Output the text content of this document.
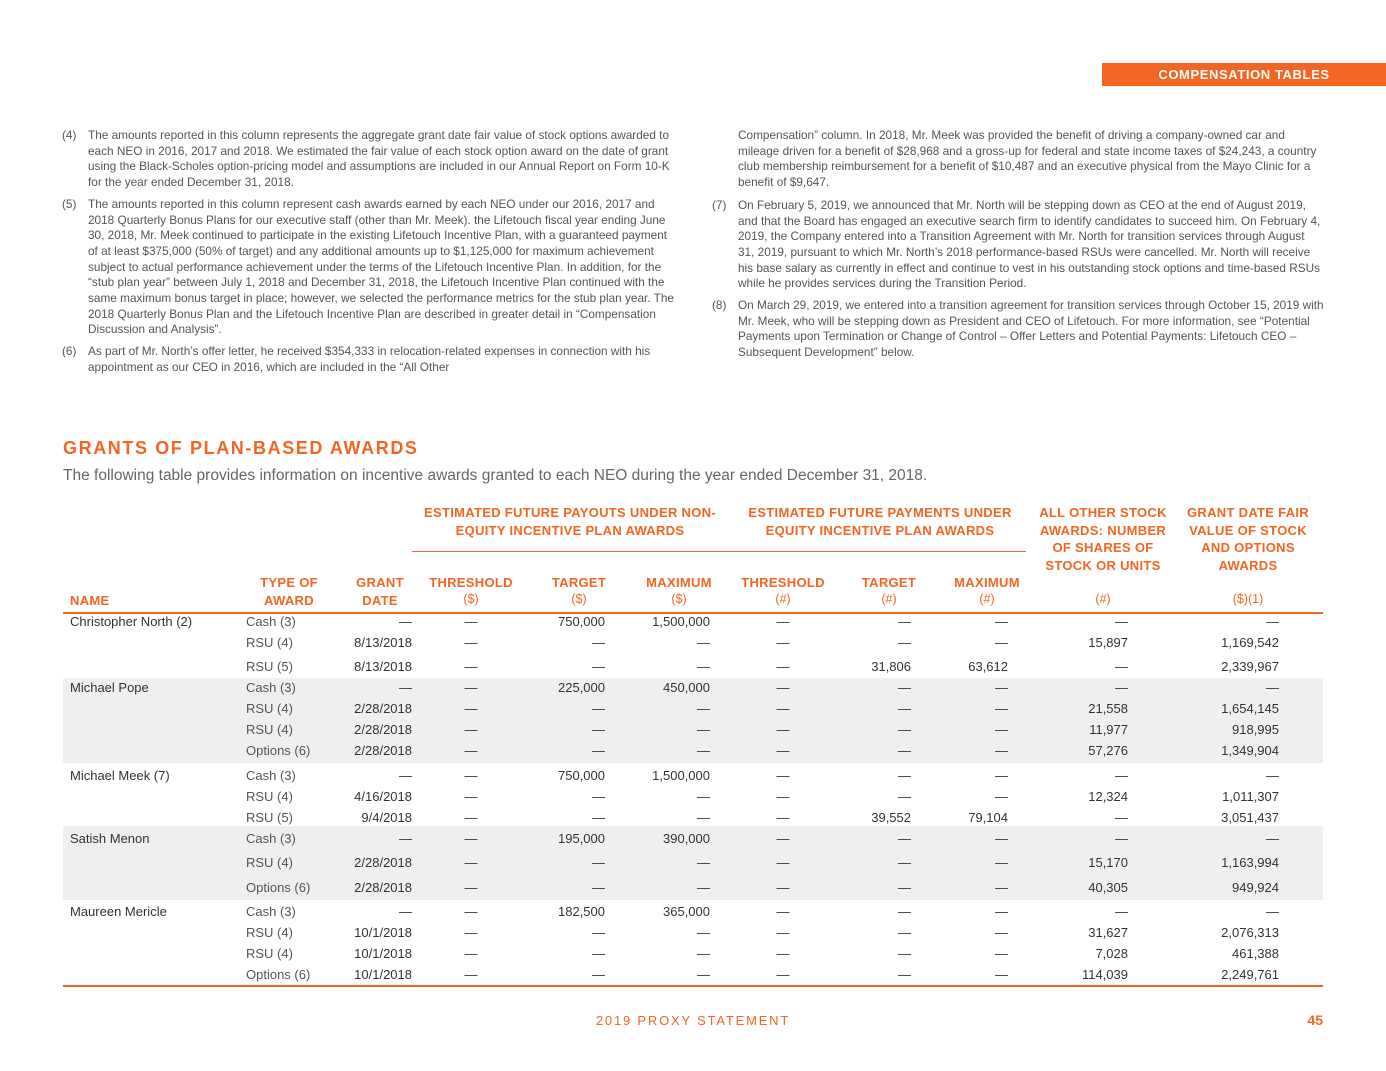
COMPENSATION TABLES
(4) The amounts reported in this column represents the aggregate grant date fair value of stock options awarded to each NEO in 2016, 2017 and 2018. We estimated the fair value of each stock option award on the date of grant using the Black-Scholes option-pricing model and assumptions are included in our Annual Report on Form 10-K for the year ended December 31, 2018.
(5) The amounts reported in this column represent cash awards earned by each NEO under our 2016, 2017 and 2018 Quarterly Bonus Plans for our executive staff (other than Mr. Meek). the Lifetouch fiscal year ending June 30, 2018, Mr. Meek continued to participate in the existing Lifetouch Incentive Plan, with a guaranteed payment of at least $375,000 (50% of target) and any additional amounts up to $1,125,000 for maximum achievement subject to actual performance achievement under the terms of the Lifetouch Incentive Plan. In addition, for the “stub plan year” between July 1, 2018 and December 31, 2018, the Lifetouch Incentive Plan continued with the same maximum bonus target in place; however, we selected the performance metrics for the stub plan year. The 2018 Quarterly Bonus Plan and the Lifetouch Incentive Plan are described in greater detail in “Compensation Discussion and Analysis”.
(6) As part of Mr. North’s offer letter, he received $354,333 in relocation-related expenses in connection with his appointment as our CEO in 2016, which are included in the “All Other
Compensation” column. In 2018, Mr. Meek was provided the benefit of driving a company-owned car and mileage driven for a benefit of $28,968 and a gross-up for federal and state income taxes of $24,243, a country club membership reimbursement for a benefit of $10,487 and an executive physical from the Mayo Clinic for a benefit of $9,647.
(7) On February 5, 2019, we announced that Mr. North will be stepping down as CEO at the end of August 2019, and that the Board has engaged an executive search firm to identify candidates to succeed him. On February 4, 2019, the Company entered into a Transition Agreement with Mr. North for transition services through August 31, 2019, pursuant to which Mr. North’s 2018 performance-based RSUs were cancelled. Mr. North will receive his base salary as currently in effect and continue to vest in his outstanding stock options and time-based RSUs while he provides services during the Transition Period.
(8) On March 29, 2019, we entered into a transition agreement for transition services through October 15, 2019 with Mr. Meek, who will be stepping down as President and CEO of Lifetouch. For more information, see “Potential Payments upon Termination or Change of Control – Offer Letters and Potential Payments: Lifetouch CEO – Subsequent Development” below.
GRANTS OF PLAN-BASED AWARDS
The following table provides information on incentive awards granted to each NEO during the year ended December 31, 2018.
ESTIMATED FUTURE PAYOUTS UNDER NON-EQUITY INCENTIVE PLAN AWARDS
ESTIMATED FUTURE PAYMENTS UNDER EQUITY INCENTIVE PLAN AWARDS
NAME
TYPE OF AWARD
GRANT DATE
THRESHOLD	TARGET	MAXIMUM	THRESHOLD	TARGET	MAXIMUM
ALL OTHER STOCK AWARDS: NUMBER OF SHARES OF STOCK OR UNITS
GRANT DATE FAIR VALUE OF STOCK AND OPTIONS AWARDS
($)	($)	($)	(#)	(#)	(#)	(#)	($)(1)
Christopher North (2)	Cash (3)	—	—	750,000	1,500,000	—	—	—	—	—
RSU (4)	8/13/2018	—	—	—	—	—	—	15,897	1,169,542
RSU (5)	8/13/2018	—	—	—	—	31,806	63,612	—	2,339,967
Michael Pope	Cash (3)	—	—	225,000	450,000	—	—	—	—	—
RSU (4)	2/28/2018	—	—	—	—	—	—	21,558	1,654,145
RSU (4)	2/28/2018	—	—	—	—	—	—	11,977	918,995
Options (6)	2/28/2018	—	—	—	—	—	—	57,276	1,349,904
Michael Meek (7)	Cash (3)	—	—	750,000	1,500,000	—	—	—	—	—
RSU (4)	4/16/2018	—	—	—	—	—	—	12,324	1,011,307
RSU (5)	9/4/2018	—	—	—	—	39,552	79,104	—	3,051,437
Satish Menon	Cash (3)	—	—	195,000	390,000	—	—	—	—	—
RSU (4)	2/28/2018	—	—	—	—	—	—	15,170	1,163,994
Options (6)	2/28/2018	—	—	—	—	—	—	40,305	949,924
Maureen Mericle	Cash (3)	—	—	182,500	365,000	—	—	—	—	—
RSU (4)	10/1/2018	—	—	—	—	—	—	31,627	2,076,313
RSU (4)	10/1/2018	—	—	—	—	—	—	7,028	461,388
Options (6)	10/1/2018	—	—	—	—	—	—	114,039	2,249,761
2019 PROXY STATEMENT	45
